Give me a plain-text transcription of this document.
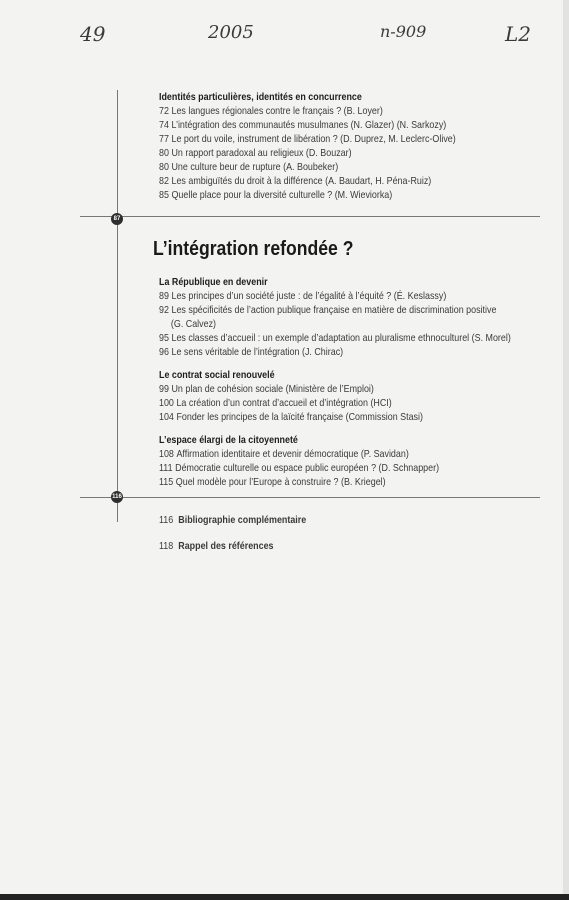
49	2005	n-909	L2
87
116
Identités particulières, identités en concurrence
72 Les langues régionales contre le français ? (B. Loyer)
74 L’intégration des communautés musulmanes (N. Glazer) (N. Sarkozy)
77 Le port du voile, instrument de libération ? (D. Duprez, M. Leclerc-Olive)
80 Un rapport paradoxal au religieux (D. Bouzar)
80 Une culture beur de rupture (A. Boubeker)
82 Les ambiguïtés du droit à la différence (A. Baudart, H. Péna-Ruiz)
85 Quelle place pour la diversité culturelle ? (M. Wieviorka)
L’intégration refondée ?
La République en devenir
89 Les principes d’un société juste : de l’égalité à l’équité ? (É. Keslassy)
92 Les spécificités de l’action publique française en matière de discrimination positive
(G. Calvez)
95 Les classes d’accueil : un exemple d’adaptation au pluralisme ethnoculturel (S. Morel)
96 Le sens véritable de l’intégration (J. Chirac)
Le contrat social renouvelé
99 Un plan de cohésion sociale (Ministère de l’Emploi)
100 La création d’un contrat d’accueil et d’intégration (HCI)
104 Fonder les principes de la laïcité française (Commission Stasi)
L’espace élargi de la citoyenneté
108 Affirmation identitaire et devenir démocratique (P. Savidan)
111 Démocratie culturelle ou espace public européen ? (D. Schnapper)
115 Quel modèle pour l’Europe à construire ? (B. Kriegel)
116 Bibliographie complémentaire
118 Rappel des références
